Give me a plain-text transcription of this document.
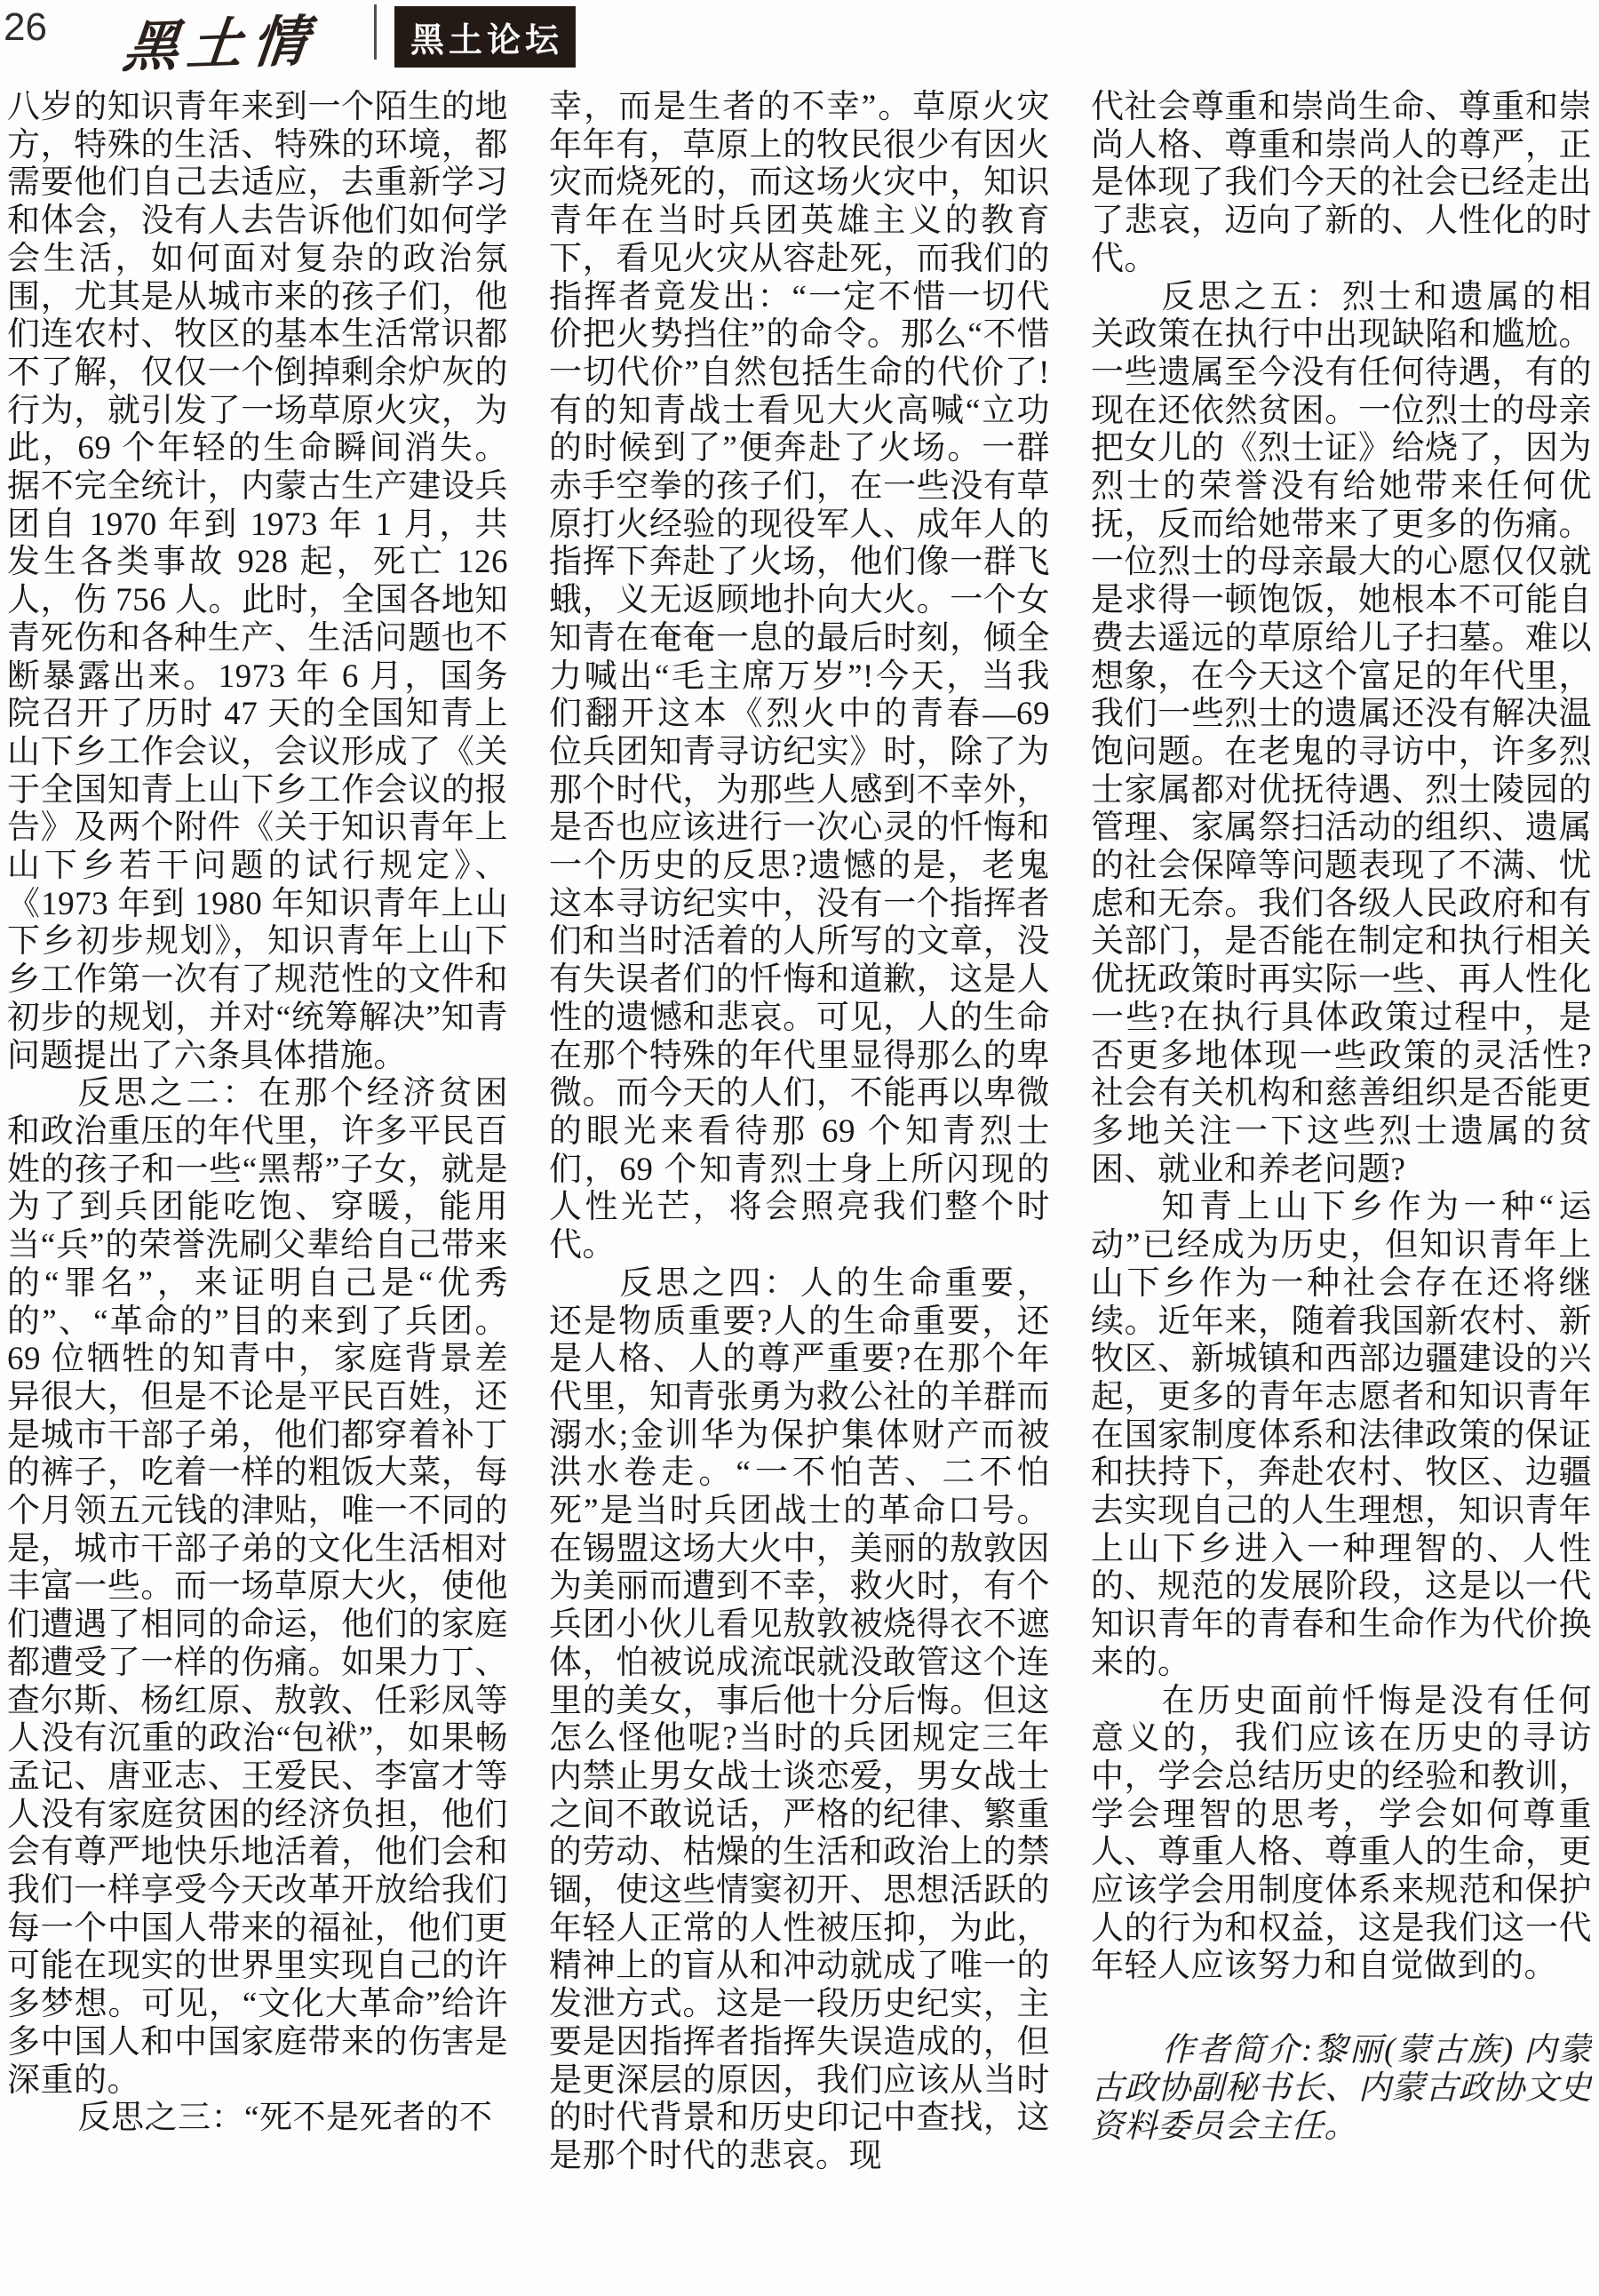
26 黑土情	黑土论坛

八岁的知识青年来到一个陌生的地方，特殊的生活、特殊的环境，都需要他们自己去适应，去重新学习和体会，没有人去告诉他们如何学会生活，如何面对复杂的政治氛围，尤其是从城市来的孩子们，他们连农村、牧区的基本生活常识都不了解，仅仅一个倒掉剩余炉灰的行为，就引发了一场草原火灾，为此，69 个年轻的生命瞬间消失。据不完全统计，内蒙古生产建设兵团自 1970 年到 1973 年 1 月，共发生各类事故 928 起，死亡 126 人，伤 756 人。此时，全国各地知青死伤和各种生产、生活问题也不断暴露出来。1973 年 6 月，国务院召开了历时 47 天的全国知青上山下乡工作会议，会议形成了《关于全国知青上山下乡工作会议的报告》及两个附件《关于知识青年上山下乡若干问题的试行规定》、《1973 年到 1980 年知识青年上山下乡初步规划》，知识青年上山下乡工作第一次有了规范性的文件和初步的规划，并对“统筹解决”知青问题提出了六条具体措施。

反思之二：在那个经济贫困和政治重压的年代里，许多平民百姓的孩子和一些“黑帮”子女，就是为了到兵团能吃饱、穿暖，能用当“兵”的荣誉洗刷父辈给自己带来的“罪名”，来证明自己是“优秀的”、“革命的”目的来到了兵团。69 位牺牲的知青中，家庭背景差异很大，但是不论是平民百姓，还是城市干部子弟，他们都穿着补丁的裤子，吃着一样的粗饭大菜，每个月领五元钱的津贴，唯一不同的是，城市干部子弟的文化生活相对丰富一些。而一场草原大火，使他们遭遇了相同的命运，他们的家庭都遭受了一样的伤痛。如果力丁、查尔斯、杨红原、敖敦、任彩凤等人没有沉重的政治“包袱”，如果畅孟记、唐亚志、王爱民、李富才等人没有家庭贫困的经济负担，他们会有尊严地快乐地活着，他们会和我们一样享受今天改革开放给我们每一个中国人带来的福祉，他们更可能在现实的世界里实现自己的许多梦想。可见，“文化大革命”给许多中国人和中国家庭带来的伤害是深重的。

反思之三：“死不是死者的不

幸，而是生者的不幸”。草原火灾年年有，草原上的牧民很少有因火灾而烧死的，而这场火灾中，知识青年在当时兵团英雄主义的教育下，看见火灾从容赴死，而我们的指挥者竟发出：“一定不惜一切代价把火势挡住”的命令。那么“不惜一切代价”自然包括生命的代价了!有的知青战士看见大火高喊“立功的时候到了”便奔赴了火场。一群赤手空拳的孩子们，在一些没有草原打火经验的现役军人、成年人的指挥下奔赴了火场，他们像一群飞蛾，义无返顾地扑向大火。一个女知青在奄奄一息的最后时刻，倾全力喊出“毛主席万岁”!今天，当我们翻开这本《烈火中的青春—69 位兵团知青寻访纪实》时，除了为那个时代，为那些人感到不幸外，是否也应该进行一次心灵的忏悔和一个历史的反思?遗憾的是，老鬼这本寻访纪实中，没有一个指挥者们和当时活着的人所写的文章，没有失误者们的忏悔和道歉，这是人性的遗憾和悲哀。可见，人的生命在那个特殊的年代里显得那么的卑微。而今天的人们，不能再以卑微的眼光来看待那 69 个知青烈士们，69 个知青烈士身上所闪现的人性光芒，将会照亮我们整个时代。

反思之四：人的生命重要，还是物质重要?人的生命重要，还是人格、人的尊严重要?在那个年代里，知青张勇为救公社的羊群而溺水;金训华为保护集体财产而被洪水卷走。“一不怕苦、二不怕死”是当时兵团战士的革命口号。在锡盟这场大火中，美丽的敖敦因为美丽而遭到不幸，救火时，有个兵团小伙儿看见敖敦被烧得衣不遮体，怕被说成流氓就没敢管这个连里的美女，事后他十分后悔。但这怎么怪他呢?当时的兵团规定三年内禁止男女战士谈恋爱，男女战士之间不敢说话，严格的纪律、繁重的劳动、枯燥的生活和政治上的禁锢，使这些情窦初开、思想活跃的年轻人正常的人性被压抑，为此，精神上的盲从和冲动就成了唯一的发泄方式。这是一段历史纪实，主要是因指挥者指挥失误造成的，但是更深层的原因，我们应该从当时的时代背景和历史印记中查找，这是那个时代的悲哀。现

代社会尊重和崇尚生命、尊重和崇尚人格、尊重和崇尚人的尊严，正是体现了我们今天的社会已经走出了悲哀，迈向了新的、人性化的时代。

反思之五：烈士和遗属的相关政策在执行中出现缺陷和尴尬。一些遗属至今没有任何待遇，有的现在还依然贫困。一位烈士的母亲把女儿的《烈士证》给烧了，因为烈士的荣誉没有给她带来任何优抚，反而给她带来了更多的伤痛。一位烈士的母亲最大的心愿仅仅就是求得一顿饱饭，她根本不可能自费去遥远的草原给儿子扫墓。难以想象，在今天这个富足的年代里，我们一些烈士的遗属还没有解决温饱问题。在老鬼的寻访中，许多烈士家属都对优抚待遇、烈士陵园的管理、家属祭扫活动的组织、遗属的社会保障等问题表现了不满、忧虑和无奈。我们各级人民政府和有关部门，是否能在制定和执行相关优抚政策时再实际一些、再人性化一些?在执行具体政策过程中，是否更多地体现一些政策的灵活性?社会有关机构和慈善组织是否能更多地关注一下这些烈士遗属的贫困、就业和养老问题?

知青上山下乡作为一种“运动”已经成为历史，但知识青年上山下乡作为一种社会存在还将继续。近年来，随着我国新农村、新牧区、新城镇和西部边疆建设的兴起，更多的青年志愿者和知识青年在国家制度体系和法律政策的保证和扶持下，奔赴农村、牧区、边疆去实现自己的人生理想，知识青年上山下乡进入一种理智的、人性的、规范的发展阶段，这是以一代知识青年的青春和生命作为代价换来的。

在历史面前忏悔是没有任何意义的，我们应该在历史的寻访中，学会总结历史的经验和教训，学会理智的思考，学会如何尊重人、尊重人格、尊重人的生命，更应该学会用制度体系来规范和保护人的行为和权益，这是我们这一代年轻人应该努力和自觉做到的。

作者简介:黎丽(蒙古族) 内蒙古政协副秘书长、内蒙古政协文史资料委员会主任。
